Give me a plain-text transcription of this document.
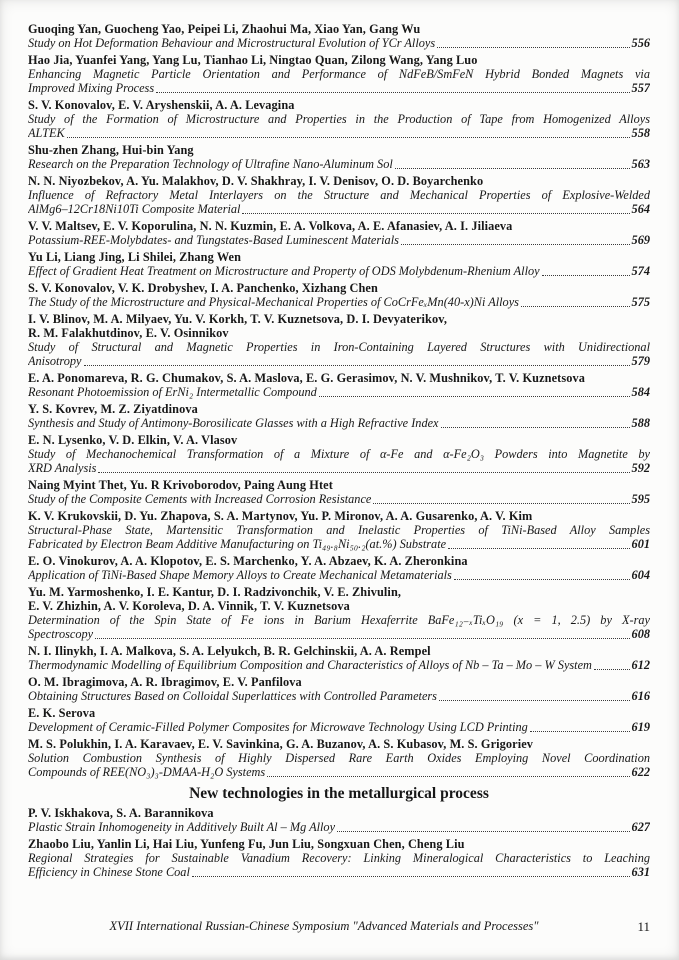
Guoqing Yan, Guocheng Yao, Peipei Li, Zhaohui Ma, Xiao Yan, Gang Wu
Study on Hot Deformation Behaviour and Microstructural Evolution of YCr Alloys	556
Hao Jia, Yuanfei Yang, Yang Lu, Tianhao Li, Ningtao Quan, Zilong Wang, Yang Luo
Enhancing Magnetic Particle Orientation and Performance of NdFeB/SmFeN Hybrid Bonded Magnets via
Improved Mixing Process	557
S. V. Konovalov, E. V. Aryshenskii, A. A. Levagina
Study of the Formation of Microstructure and Properties in the Production of Tape from Homogenized Alloys
ALTEK	558
Shu-zhen Zhang, Hui-bin Yang
Research on the Preparation Technology of Ultrafine Nano-Aluminum Sol	563
N. N. Niyozbekov, A. Yu. Malakhov, D. V. Shakhray, I. V. Denisov, O. D. Boyarchenko
Influence of Refractory Metal Interlayers on the Structure and Mechanical Properties of Explosive-Welded
AlMg6–12Cr18Ni10Ti Composite Material	564
V. V. Maltsev, E. V. Koporulina, N. N. Kuzmin, E. A. Volkova, A. E. Afanasiev, A. I. Jiliaeva
Potassium-REE-Molybdates- and Tungstates-Based Luminescent Materials	569
Yu Li, Liang Jing, Li Shilei, Zhang Wen
Effect of Gradient Heat Treatment on Microstructure and Property of ODS Molybdenum-Rhenium Alloy	574
S. V. Konovalov, V. K. Drobyshev, I. A. Panchenko, Xizhang Chen
The Study of the Microstructure and Physical-Mechanical Properties of CoCrFeₓMn(40-x)Ni Alloys	575
I. V. Blinov, M. A. Milyaev, Yu. V. Korkh, T. V. Kuznetsova, D. I. Devyaterikov,
R. M. Falakhutdinov, E. V. Osinnikov
Study of Structural and Magnetic Properties in Iron-Containing Layered Structures with Unidirectional
Anisotropy	579
E. A. Ponomareva, R. G. Chumakov, S. A. Maslova, E. G. Gerasimov, N. V. Mushnikov, T. V. Kuznetsova
Resonant Photoemission of ErNi₂ Intermetallic Compound	584
Y. S. Kovrev, M. Z. Ziyatdinova
Synthesis and Study of Antimony-Borosilicate Glasses with a High Refractive Index	588
E. N. Lysenko, V. D. Elkin, V. A. Vlasov
Study of Mechanochemical Transformation of a Mixture of α-Fe and α-Fe₂O₃ Powders into Magnetite by
XRD Analysis	592
Naing Myint Thet, Yu. R Krivoborodov, Paing Aung Htet
Study of the Composite Cements with Increased Corrosion Resistance	595
K. V. Krukovskii, D. Yu. Zhapova, S. A. Martynov, Yu. P. Mironov, A. A. Gusarenko, A. V. Kim
Structural-Phase State, Martensitic Transformation and Inelastic Properties of TiNi-Based Alloy Samples
Fabricated by Electron Beam Additive Manufacturing on Ti₄₉.₈Ni₅₀.₂(at.%) Substrate	601
E. O. Vinokurov, A. A. Klopotov, E. S. Marchenko, Y. A. Abzaev, K. A. Zheronkina
Application of TiNi-Based Shape Memory Alloys to Create Mechanical Metamaterials	604
Yu. M. Yarmoshenko, I. E. Kantur, D. I. Radzivonchik, V. E. Zhivulin,
E. V. Zhizhin, A. V. Koroleva, D. A. Vinnik, T. V. Kuznetsova
Determination of the Spin State of Fe ions in Barium Hexaferrite BaFe₁₂₋ₓTiₓO₁₉ (x = 1, 2.5) by X-ray
Spectroscopy	608
N. I. Ilinykh, I. A. Malkova, S. A. Lelyukch, B. R. Gelchinskii, A. A. Rempel
Thermodynamic Modelling of Equilibrium Composition and Characteristics of Alloys of Nb – Ta – Mo – W System	612
O. M. Ibragimova, A. R. Ibragimov, E. V. Panfilova
Obtaining Structures Based on Colloidal Superlattices with Controlled Parameters	616
E. K. Serova
Development of Ceramic-Filled Polymer Composites for Microwave Technology Using LCD Printing	619
M. S. Polukhin, I. A. Karavaev, E. V. Savinkina, G. A. Buzanov, A. S. Kubasov, M. S. Grigoriev
Solution Combustion Synthesis of Highly Dispersed Rare Earth Oxides Employing Novel Coordination
Compounds of REE(NO₃)₃-DMAA-H₂O Systems	622
New technologies in the metallurgical process
P. V. Iskhakova, S. A. Barannikova
Plastic Strain Inhomogeneity in Additively Built Al – Mg Alloy	627
Zhaobo Liu, Yanlin Li, Hai Liu, Yunfeng Fu, Jun Liu, Songxuan Chen, Cheng Liu
Regional Strategies for Sustainable Vanadium Recovery: Linking Mineralogical Characteristics to Leaching
Efficiency in Chinese Stone Coal	631
XVII International Russian-Chinese Symposium "Advanced Materials and Processes"	11
